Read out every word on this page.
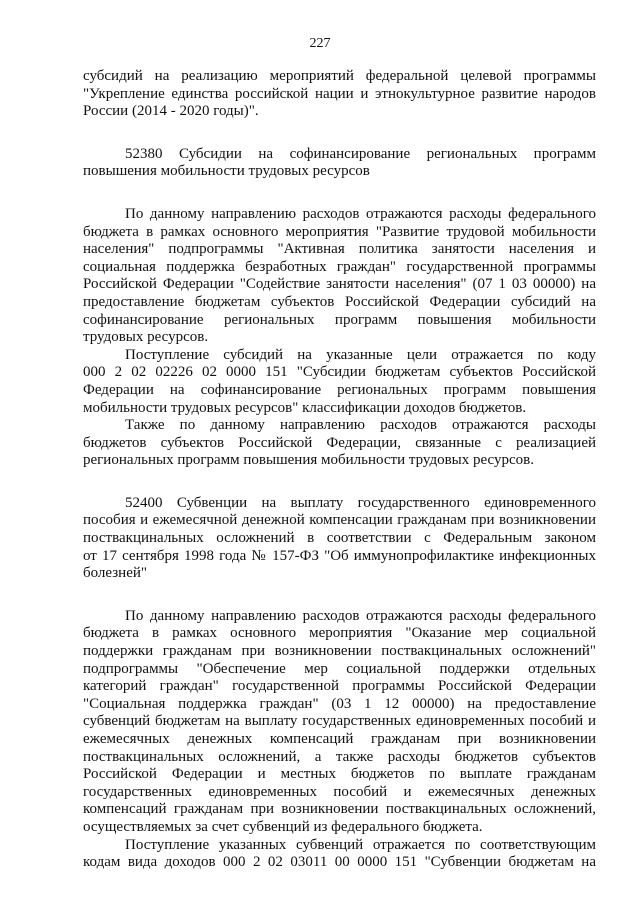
227
субсидий на реализацию мероприятий федеральной целевой программы
"Укрепление единства российской нации и этнокультурное развитие народов
России (2014 - 2020 годы)".
52380 Субсидии на софинансирование региональных программ
повышения мобильности трудовых ресурсов
По данному направлению расходов отражаются расходы федерального
бюджета в рамках основного мероприятия "Развитие трудовой мобильности
населения" подпрограммы "Активная политика занятости населения и
социальная поддержка безработных граждан" государственной программы
Российской Федерации "Содействие занятости населения" (07 1 03 00000) на
предоставление бюджетам субъектов Российской Федерации субсидий на
софинансирование региональных программ повышения мобильности
трудовых ресурсов.
Поступление субсидий на указанные цели отражается по коду
000 2 02 02226 02 0000 151 "Субсидии бюджетам субъектов Российской
Федерации на софинансирование региональных программ повышения
мобильности трудовых ресурсов" классификации доходов бюджетов.
Также по данному направлению расходов отражаются расходы
бюджетов субъектов Российской Федерации, связанные с реализацией
региональных программ повышения мобильности трудовых ресурсов.
52400 Субвенции на выплату государственного единовременного
пособия и ежемесячной денежной компенсации гражданам при возникновении
поствакцинальных осложнений в соответствии с Федеральным законом
от 17 сентября 1998 года № 157-ФЗ "Об иммунопрофилактике инфекционных
болезней"
По данному направлению расходов отражаются расходы федерального
бюджета в рамках основного мероприятия "Оказание мер социальной
поддержки гражданам при возникновении поствакцинальных осложнений"
подпрограммы "Обеспечение мер социальной поддержки отдельных
категорий граждан" государственной программы Российской Федерации
"Социальная поддержка граждан" (03 1 12 00000) на предоставление
субвенций бюджетам на выплату государственных единовременных пособий и
ежемесячных денежных компенсаций гражданам при возникновении
поствакцинальных осложнений, а также расходы бюджетов субъектов
Российской Федерации и местных бюджетов по выплате гражданам
государственных единовременных пособий и ежемесячных денежных
компенсаций гражданам при возникновении поствакцинальных осложнений,
осуществляемых за счет субвенций из федерального бюджета.
Поступление указанных субвенций отражается по соответствующим
кодам вида доходов 000 2 02 03011 00 0000 151 "Субвенции бюджетам на
